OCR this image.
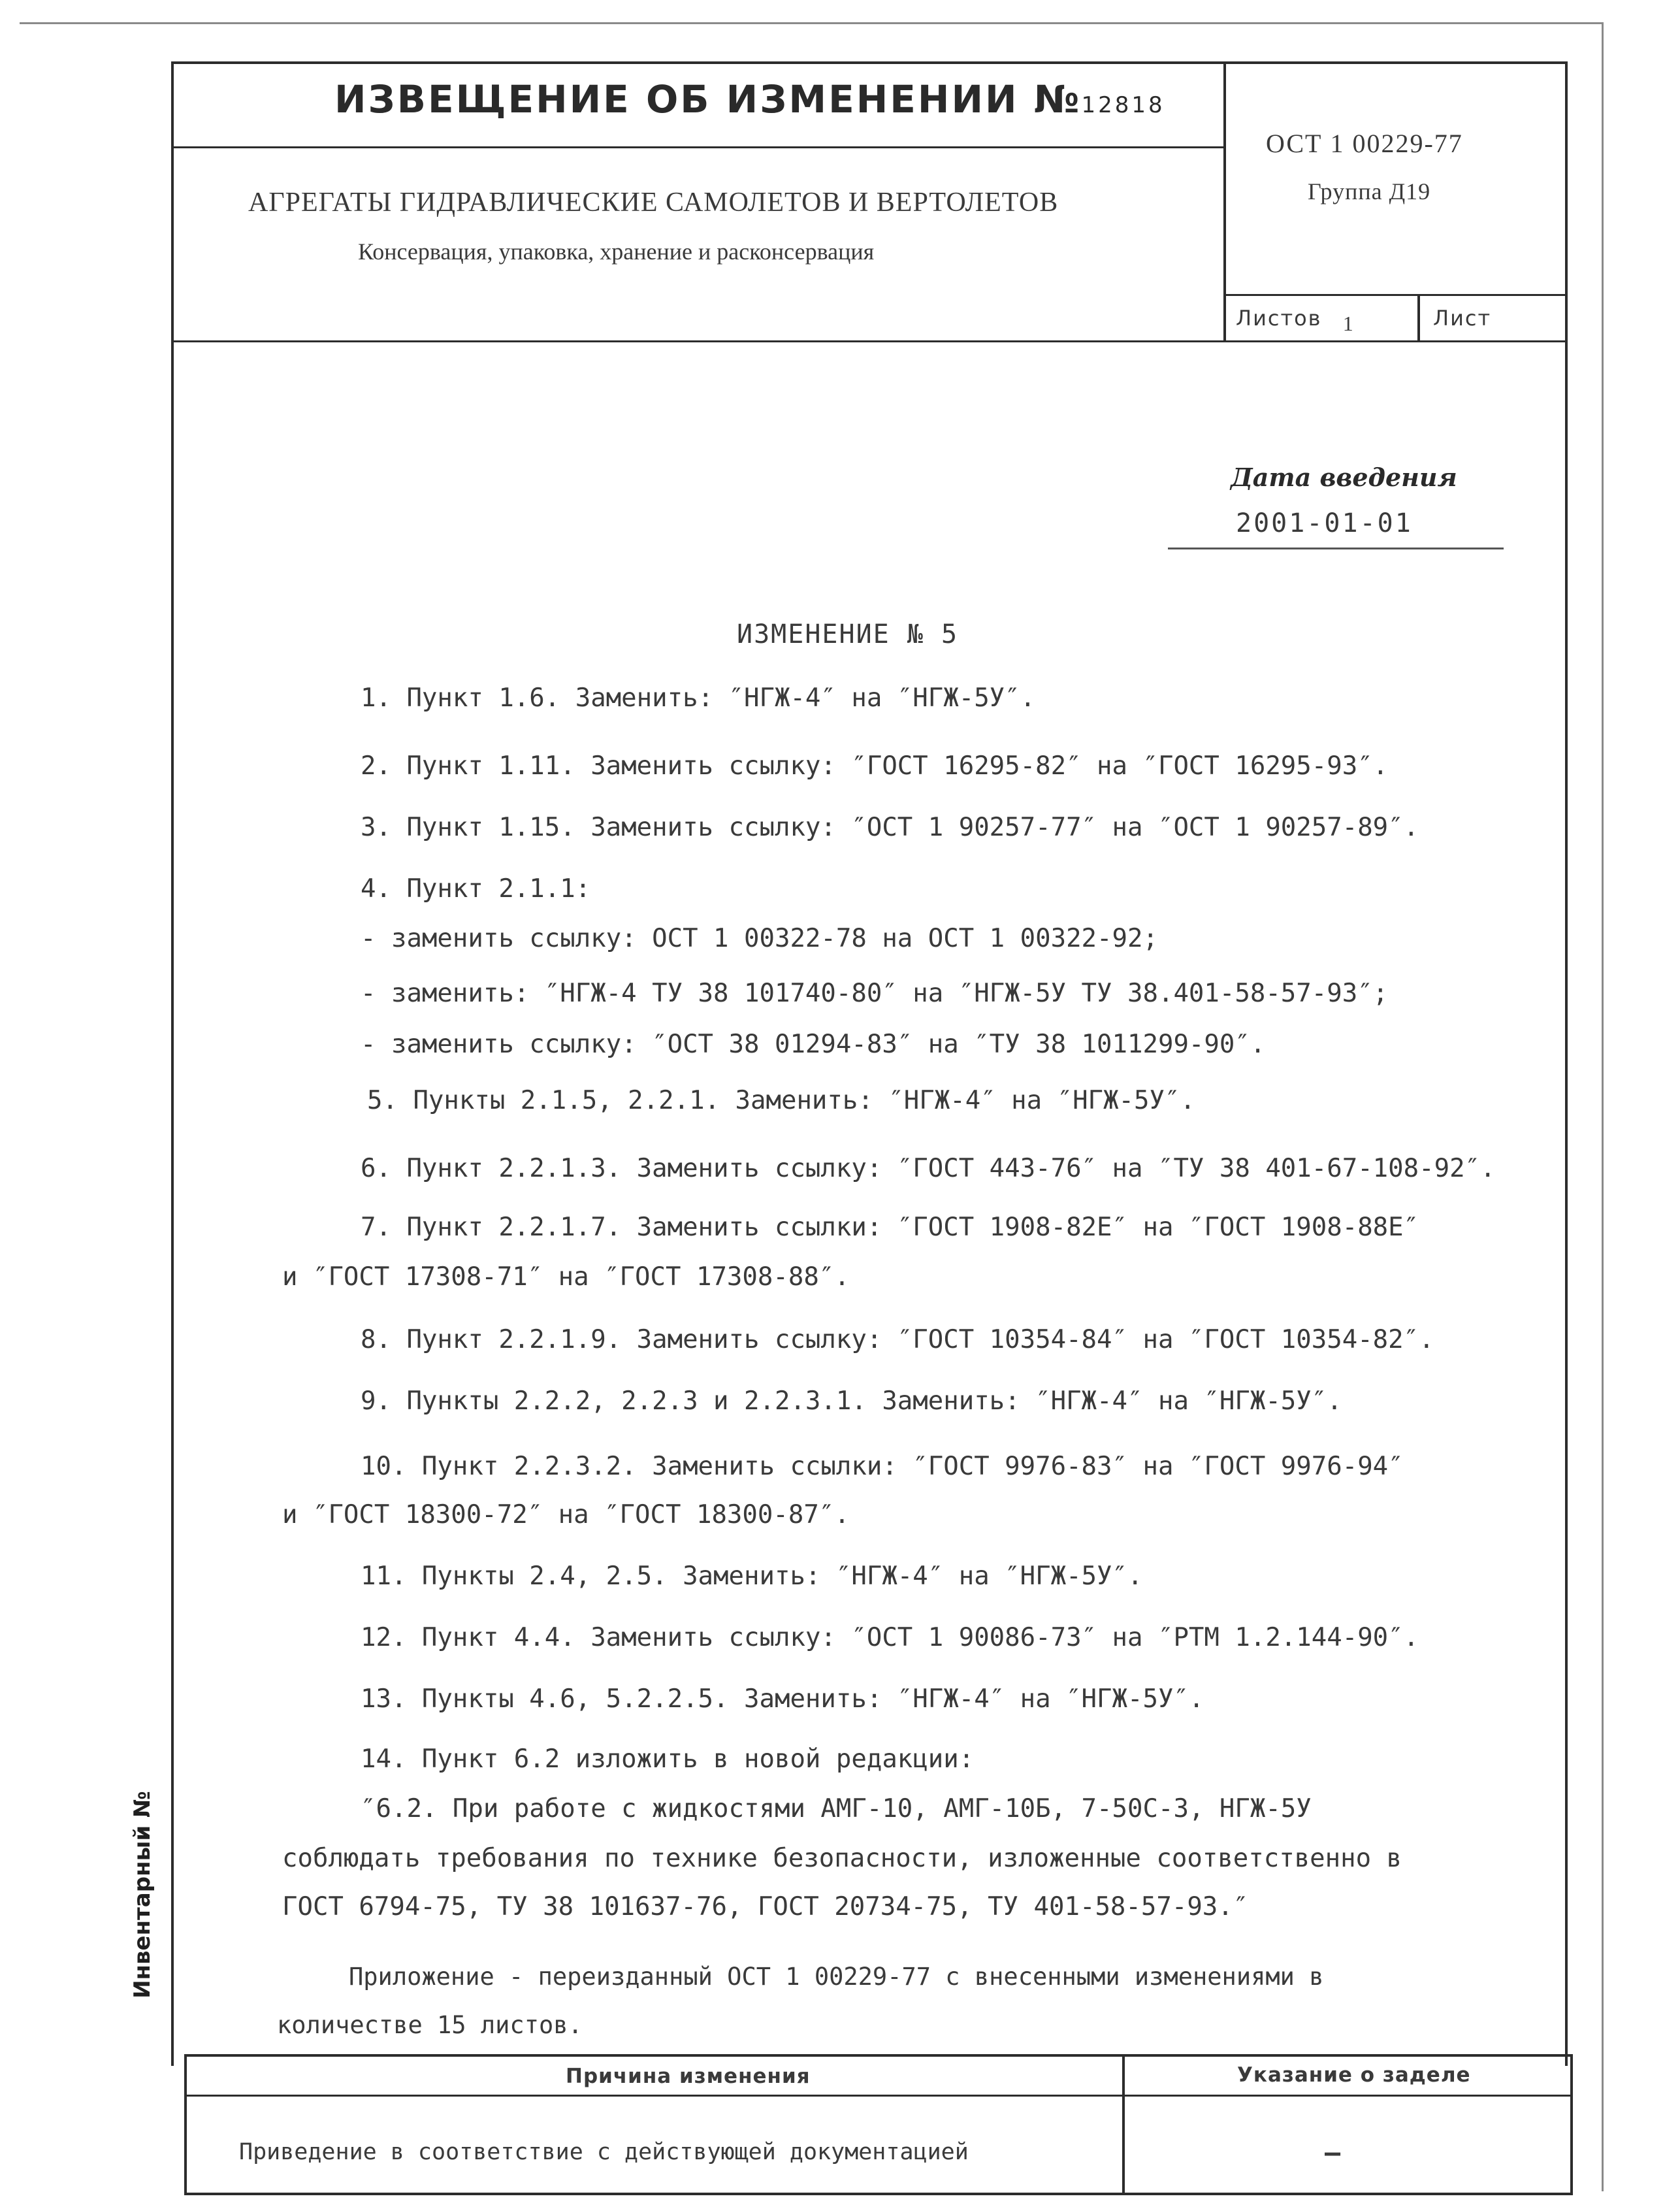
ИЗВЕЩЕНИЕ ОБ ИЗМЕНЕНИИ №12818
АГРЕГАТЫ ГИДРАВЛИЧЕСКИЕ САМОЛЕТОВ И ВЕРТОЛЕТОВ
Консервация, упаковка, хранение и расконсервация
ОСТ 1 00229-77
Группа Д19
Листов 1	Лист
Дата введения
2001-01-01
ИЗМЕНЕНИЕ № 5
1. Пункт 1.6. Заменить: ″НГЖ-4″ на ″НГЖ-5У″.
2. Пункт 1.11. Заменить ссылку: ″ГОСТ 16295-82″ на ″ГОСТ 16295-93″.
3. Пункт 1.15. Заменить ссылку: ″ОСТ 1 90257-77″ на ″ОСТ 1 90257-89″.
4. Пункт 2.1.1:
- заменить ссылку: ОСТ 1 00322-78 на ОСТ 1 00322-92;
- заменить: ″НГЖ-4 ТУ 38 101740-80″ на ″НГЖ-5У ТУ 38.401-58-57-93″;
- заменить ссылку: ″ОСТ 38 01294-83″ на ″ТУ 38 1011299-90″.
5. Пункты 2.1.5, 2.2.1. Заменить: ″НГЖ-4″ на ″НГЖ-5У″.
6. Пункт 2.2.1.3. Заменить ссылку: ″ГОСТ 443-76″ на ″ТУ 38 401-67-108-92″.
7. Пункт 2.2.1.7. Заменить ссылки: ″ГОСТ 1908-82Е″ на ″ГОСТ 1908-88Е″
и ″ГОСТ 17308-71″ на ″ГОСТ 17308-88″.
8. Пункт 2.2.1.9. Заменить ссылку: ″ГОСТ 10354-84″ на ″ГОСТ 10354-82″.
9. Пункты 2.2.2, 2.2.3 и 2.2.3.1. Заменить: ″НГЖ-4″ на ″НГЖ-5У″.
10. Пункт 2.2.3.2. Заменить ссылки: ″ГОСТ 9976-83″ на ″ГОСТ 9976-94″
и ″ГОСТ 18300-72″ на ″ГОСТ 18300-87″.
11. Пункты 2.4, 2.5. Заменить: ″НГЖ-4″ на ″НГЖ-5У″.
12. Пункт 4.4. Заменить ссылку: ″ОСТ 1 90086-73″ на ″РТМ 1.2.144-90″.
13. Пункты 4.6, 5.2.2.5. Заменить: ″НГЖ-4″ на ″НГЖ-5У″.
14. Пункт 6.2 изложить в новой редакции:
″6.2. При работе с жидкостями АМГ-10, АМГ-10Б, 7-50С-3, НГЖ-5У
соблюдать требования по технике безопасности, изложенные соответственно в
ГОСТ 6794-75, ТУ 38 101637-76, ГОСТ 20734-75, ТУ 401-58-57-93.″
Приложение - переизданный ОСТ 1 00229-77 с внесенными изменениями в
количестве 15 листов.
Причина изменения	Указание о заделе
Приведение в соответствие с действующей документацией	–
Инвентарный №
